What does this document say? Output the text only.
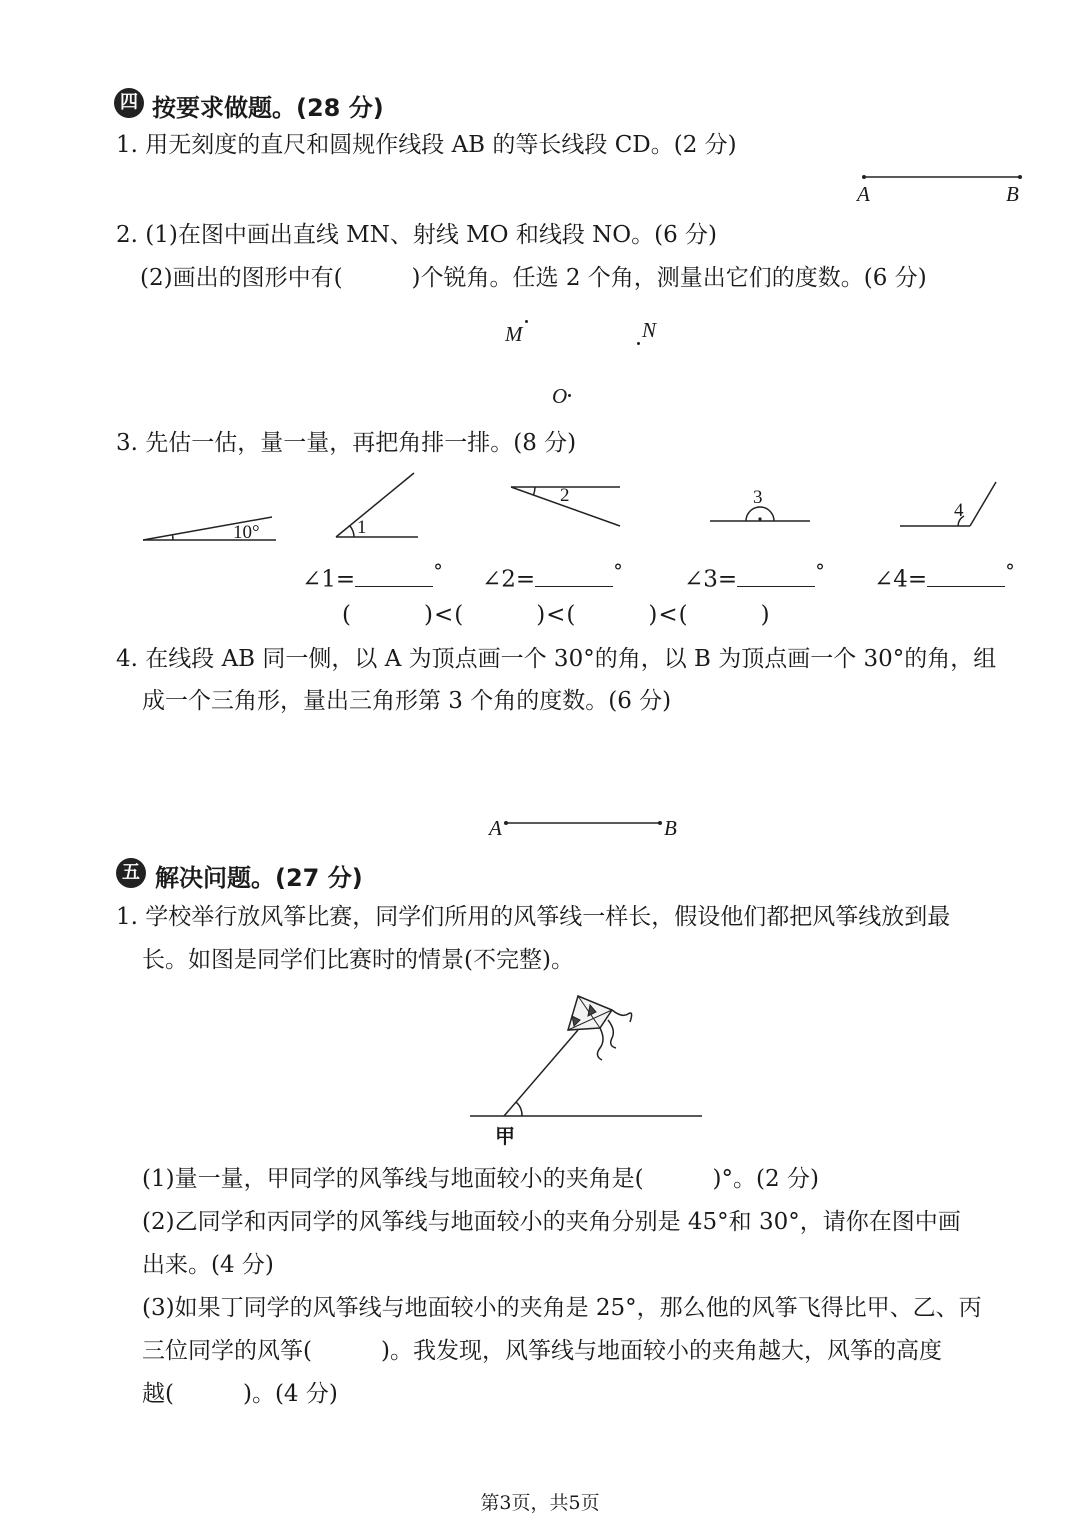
四 按要求做题。(28 分)
1. 用无刻度的直尺和圆规作线段 AB 的等长线段 CD。(2 分)
A	B
2. (1)在图中画出直线 MN、射线 MO 和线段 NO。(6 分)
(2)画出的图形中有(　　　)个锐角。任选 2 个角，测量出它们的度数。(6 分)
M	N
O
3. 先估一估，量一量，再把角排一排。(8 分)
10°	1
2	3
4
∠1=	° ∠2=	°	∠3=	° ∠4=	°
(　　　)<(　　　)<(　　　)<(　　　)
4. 在线段 AB 同一侧，以 A 为顶点画一个 30°的角，以 B 为顶点画一个 30°的角，组
成一个三角形，量出三角形第 3 个角的度数。(6 分)
A	B
五 解决问题。(27 分)
1. 学校举行放风筝比赛，同学们所用的风筝线一样长，假设他们都把风筝线放到最
长。如图是同学们比赛时的情景(不完整)。
甲
(1)量一量，甲同学的风筝线与地面较小的夹角是(　　　)°。(2 分)
(2)乙同学和丙同学的风筝线与地面较小的夹角分别是 45°和 30°，请你在图中画
出来。(4 分)
(3)如果丁同学的风筝线与地面较小的夹角是 25°，那么他的风筝飞得比甲、乙、丙
三位同学的风筝(　　　)。我发现，风筝线与地面较小的夹角越大，风筝的高度
越(　　　)。(4 分)
第3页，共5页
